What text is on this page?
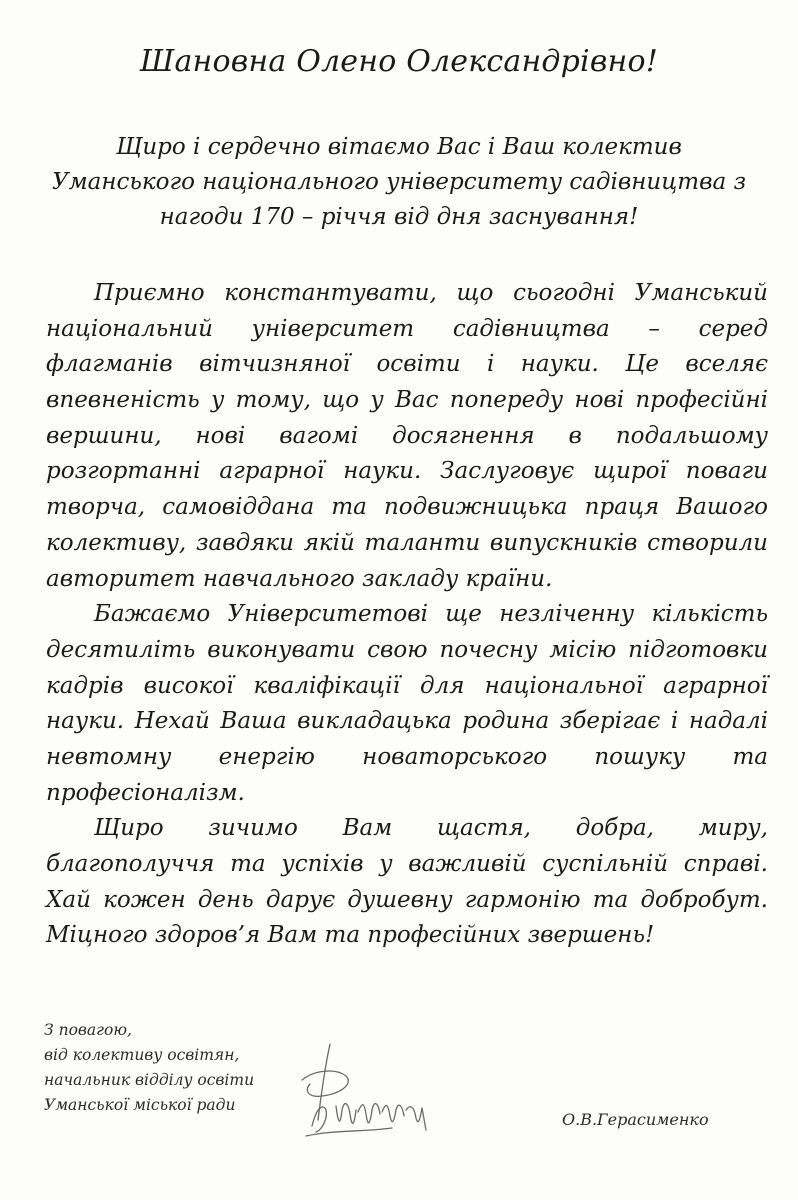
Шановна Олено Олександрівно!
Щиро і сердечно вітаємо Вас і Ваш колектив
Уманського національного університету садівництва з
нагоди 170 – річчя від дня заснування!
Приємно константувати, що сьогодні Уманський
національний університет садівництва – серед
флагманів вітчизняної освіти і науки. Це вселяє
впевненість у тому, що у Вас попереду нові професійні
вершини, нові вагомі досягнення в подальшому
розгортанні аграрної науки. Заслуговує щирої поваги
творча, самовіддана та подвижницька праця Вашого
колективу, завдяки якій таланти випускників створили
авторитет навчального закладу країни.
Бажаємо Університетові ще незліченну кількість
десятиліть виконувати свою почесну місію підготовки
кадрів високої кваліфікації для національної аграрної
науки. Нехай Ваша викладацька родина зберігає і надалі
невтомну енергію новаторського пошуку та
професіоналізм.
Щиро зичимо Вам щастя, добра, миру,
благополуччя та успіхів у важливій суспільній справі.
Хай кожен день дарує душевну гармонію та добробут.
Міцного здоров’я Вам та професійних звершень!
З повагою,
від колективу освітян,
начальник відділу освіти
Уманської міської ради
О.В.Герасименко
